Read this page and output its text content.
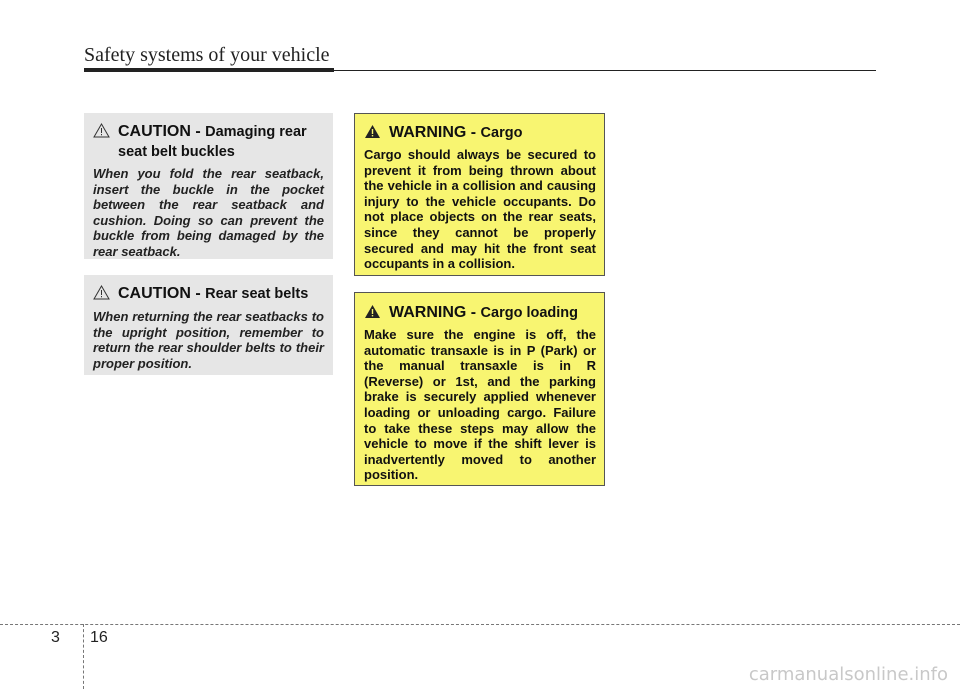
Safety systems of your vehicle
CAUTION - Damaging rear seat belt buckles
When you fold the rear seatback, insert the buckle in the pocket between the rear seatback and cushion. Doing so can prevent the buckle from being damaged by the rear seatback.
CAUTION - Rear seat belts
When returning the rear seatbacks to the upright position, remember to return the rear shoulder belts to their proper position.
WARNING - Cargo
Cargo should always be secured to prevent it from being thrown about the vehicle in a collision and causing injury to the vehicle occupants. Do not place objects on the rear seats, since they cannot be properly secured and may hit the front seat occupants in a collision.
WARNING - Cargo loading
Make sure the engine is off, the automatic transaxle is in P (Park) or the manual transaxle is in R (Reverse) or 1st, and the parking brake is securely applied whenever loading or unloading cargo. Failure to take these steps may allow the vehicle to move if the shift lever is inadvertently moved to another position.
3 16
carmanualsonline.info
